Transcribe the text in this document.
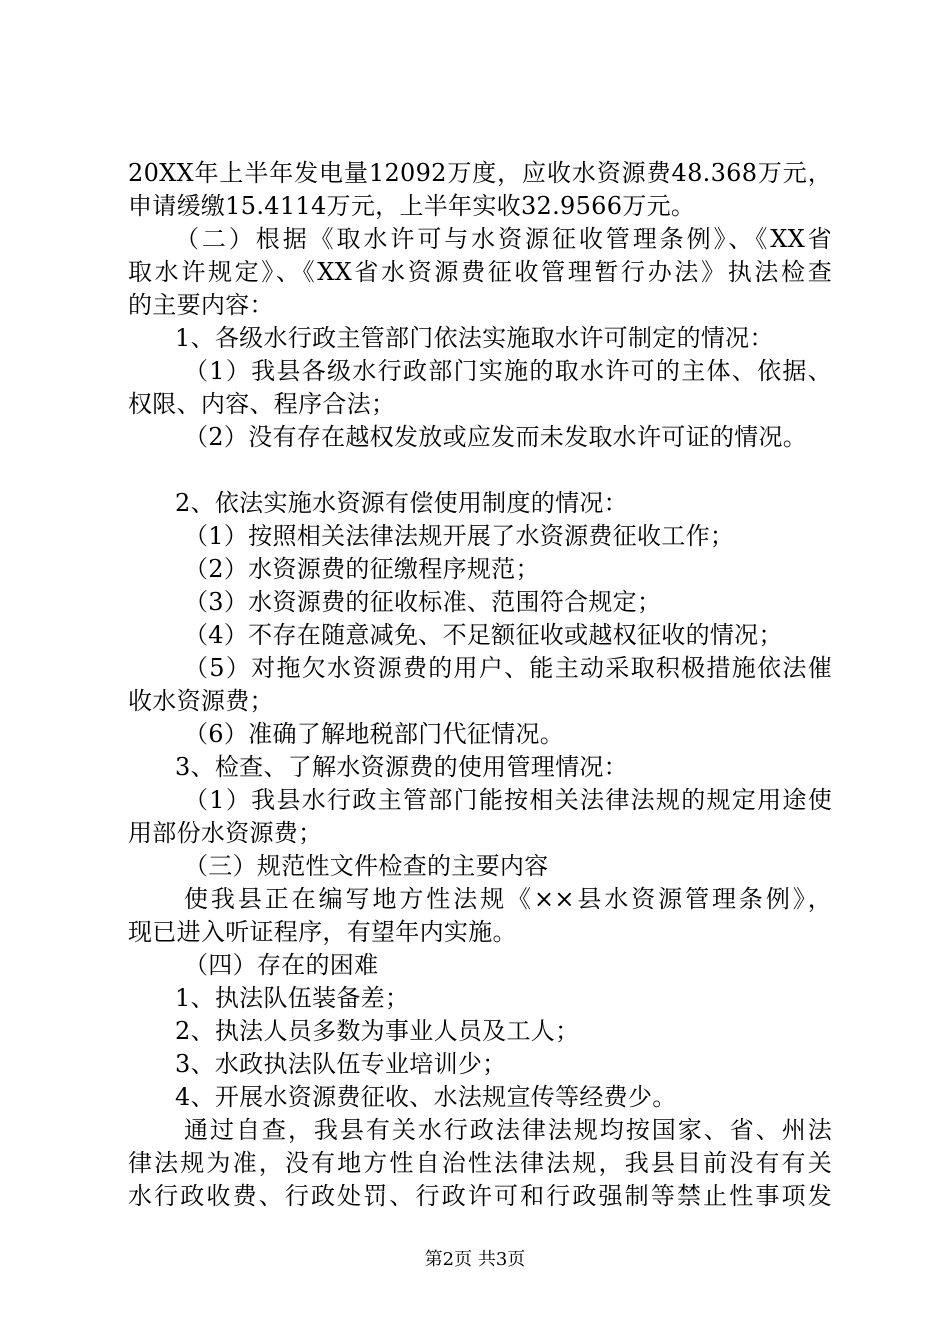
20XX年上半年发电量12092万度，应收水资源费48.368万元，
申请缓缴15.4114万元，上半年实收32.9566万元。
（二）根据《取水许可与水资源征收管理条例》、《XX省
取水许规定》、《XX省水资源费征收管理暂行办法》执法检查
的主要内容：
1、各级水行政主管部门依法实施取水许可制定的情况：
（1）我县各级水行政部门实施的取水许可的主体、依据、
权限、内容、程序合法；
（2）没有存在越权发放或应发而未发取水许可证的情况。
2、依法实施水资源有偿使用制度的情况：
（1）按照相关法律法规开展了水资源费征收工作；
（2）水资源费的征缴程序规范；
（3）水资源费的征收标准、范围符合规定；
（4）不存在随意减免、不足额征收或越权征收的情况；
（5）对拖欠水资源费的用户、能主动采取积极措施依法催
收水资源费；
（6）准确了解地税部门代征情况。
3、检查、了解水资源费的使用管理情况：
（1）我县水行政主管部门能按相关法律法规的规定用途使
用部份水资源费；
（三）规范性文件检查的主要内容
使我县正在编写地方性法规《××县水资源管理条例》，
现已进入听证程序，有望年内实施。
（四）存在的困难
1、执法队伍装备差；
2、执法人员多数为事业人员及工人；
3、水政执法队伍专业培训少；
4、开展水资源费征收、水法规宣传等经费少。
通过自查，我县有关水行政法律法规均按国家、省、州法
律法规为准，没有地方性自治性法律法规，我县目前没有有关
水行政收费、行政处罚、行政许可和行政强制等禁止性事项发
第2页 共3页
